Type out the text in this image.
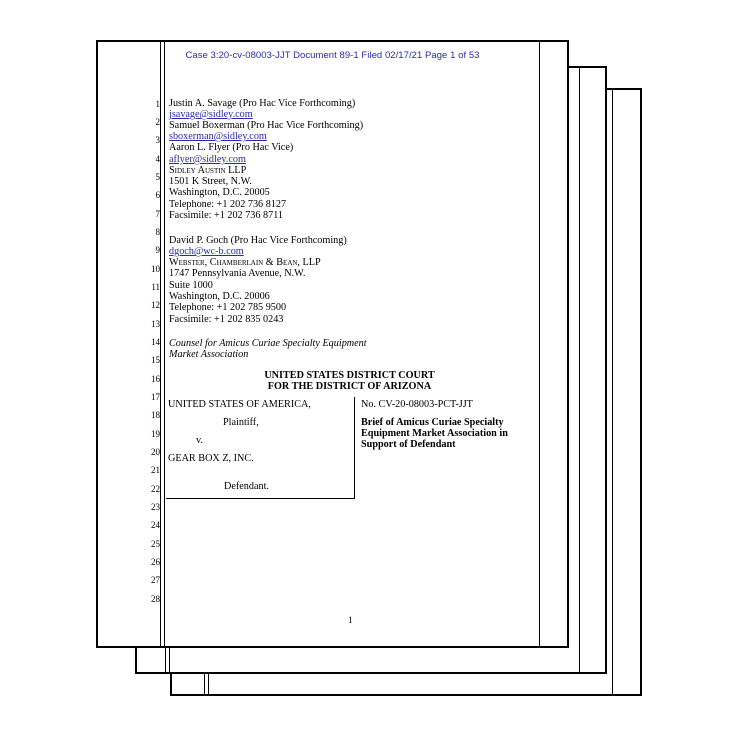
Case 3:20-cv-08003-JJT Document 89-1 Filed 02/17/21 Page 1 of 53
1
2
3
4
5
6
7
8
9
10
11
12
13
14
15
16
17
18
19
20
21
22
23
24
25
26
27
28
Justin A. Savage (Pro Hac Vice Forthcoming)
jsavage@sidley.com
Samuel Boxerman (Pro Hac Vice Forthcoming)
sboxerman@sidley.com
Aaron L. Flyer (Pro Hac Vice)
aflyer@sidley.com
Sidley Austin LLP
1501 K Street, N.W.
Washington, D.C. 20005
Telephone: +1 202 736 8127
Facsimile: +1 202 736 8711
David P. Goch (Pro Hac Vice Forthcoming)
dgoch@wc-b.com
Webster, Chamberlain & Bean, LLP
1747 Pennsylvania Avenue, N.W.
Suite 1000
Washington, D.C. 20006
Telephone: +1 202 785 9500
Facsimile: +1 202 835 0243
Counsel for Amicus Curiae Specialty Equipment
Market Association
UNITED STATES DISTRICT COURT
FOR THE DISTRICT OF ARIZONA
UNITED STATES OF AMERICA,
Plaintiff,
v.
GEAR BOX Z, INC.
Defendant.
No. CV-20-08003-PCT-JJT
Brief of Amicus Curiae Specialty
Equipment Market Association in
Support of Defendant
1
